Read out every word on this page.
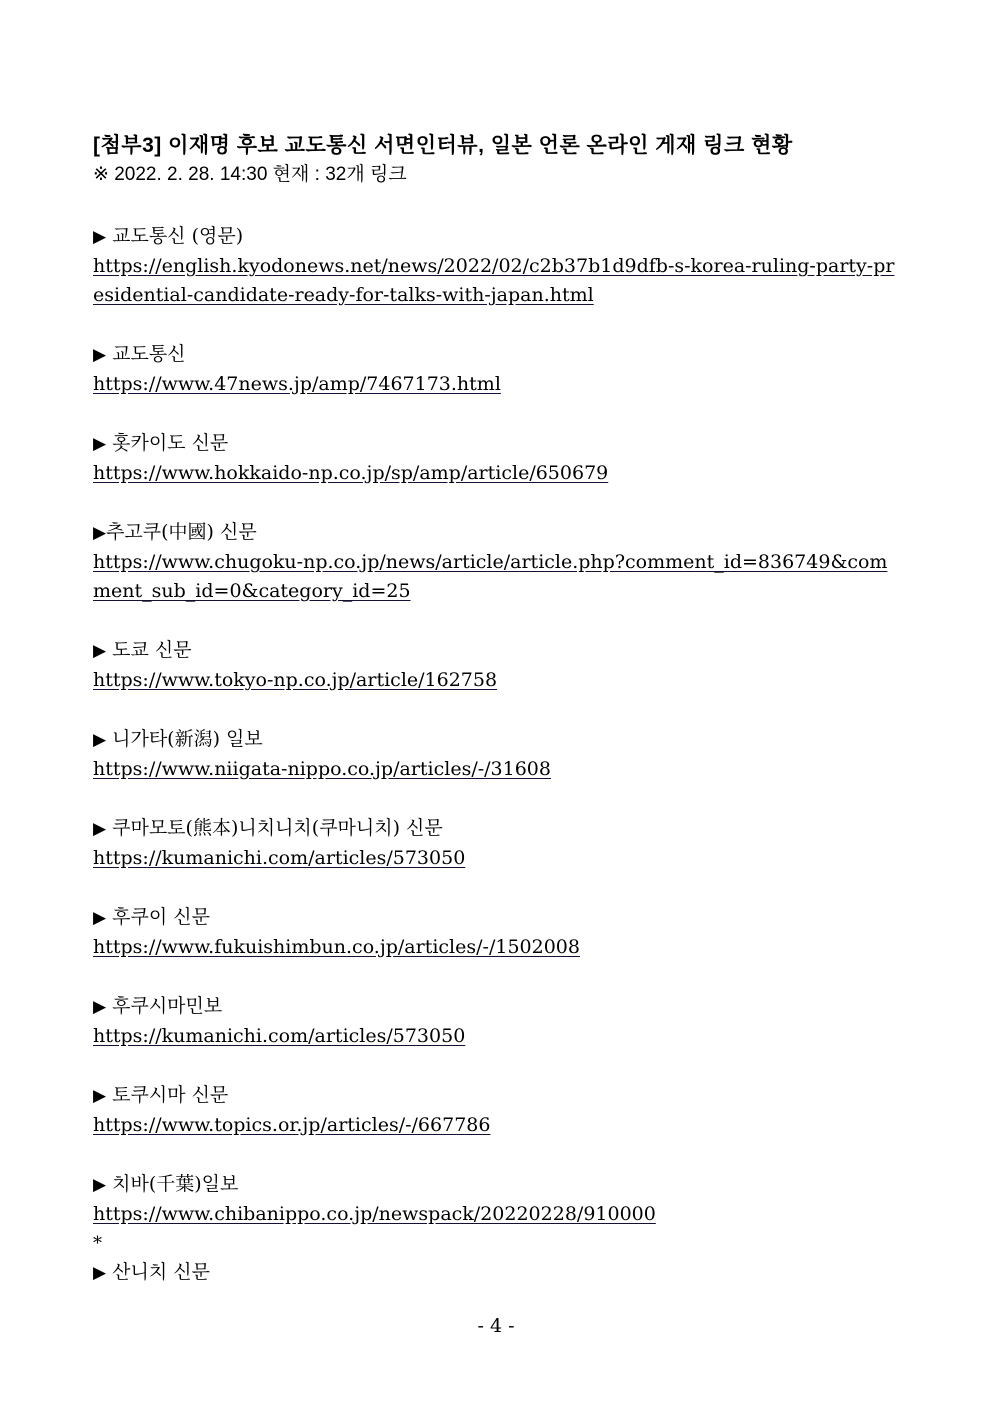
[첨부3] 이재명 후보 교도통신 서면인터뷰, 일본 언론 온라인 게재 링크 현황
※ 2022. 2. 28. 14:30 현재 : 32개 링크
▶ 교도통신 (영문)
https://english.kyodonews.net/news/2022/02/c2b37b1d9dfb-s-korea-ruling-party-presidential-candidate-ready-for-talks-with-japan.html
▶ 교도통신
https://www.47news.jp/amp/7467173.html
▶ 홋카이도 신문
https://www.hokkaido-np.co.jp/sp/amp/article/650679
▶추고쿠(中國) 신문
https://www.chugoku-np.co.jp/news/article/article.php?comment_id=836749&comment_sub_id=0&category_id=25
▶ 도쿄 신문
https://www.tokyo-np.co.jp/article/162758
▶ 니가타(新潟) 일보
https://www.niigata-nippo.co.jp/articles/-/31608
▶ 쿠마모토(熊本)니치니치(쿠마니치) 신문
https://kumanichi.com/articles/573050
▶ 후쿠이 신문
https://www.fukuishimbun.co.jp/articles/-/1502008
▶ 후쿠시마민보
https://kumanichi.com/articles/573050
▶ 토쿠시마 신문
https://www.topics.or.jp/articles/-/667786
▶ 치바(千葉)일보
https://www.chibanippo.co.jp/newspack/20220228/910000
*
▶ 산니치 신문
- 4 -
